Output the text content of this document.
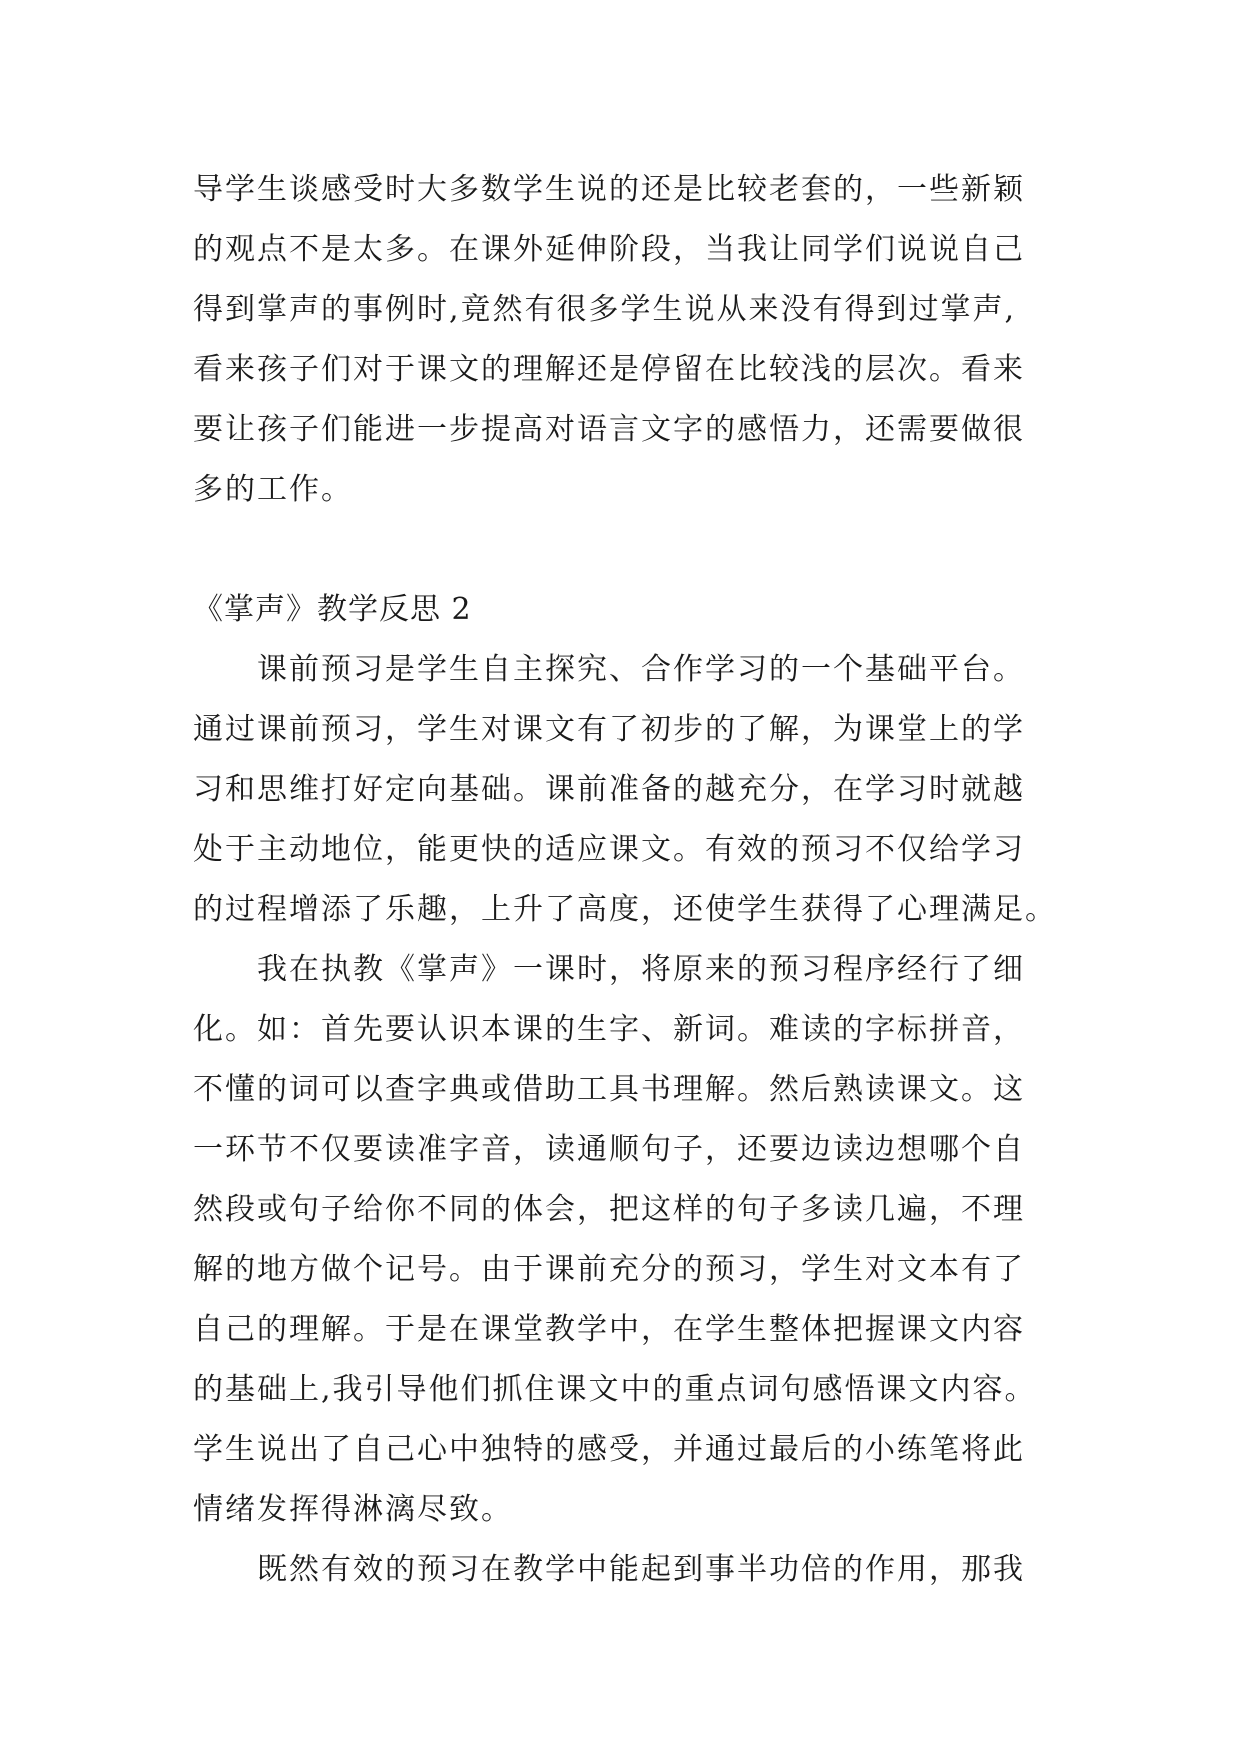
导学生谈感受时大多数学生说的还是比较老套的，一些新颖
的观点不是太多。在课外延伸阶段，当我让同学们说说自己
得到掌声的事例时,竟然有很多学生说从来没有得到过掌声,
看来孩子们对于课文的理解还是停留在比较浅的层次。看来
要让孩子们能进一步提高对语言文字的感悟力，还需要做很
多的工作。
《掌声》教学反思 2
课前预习是学生自主探究、合作学习的一个基础平台。
通过课前预习，学生对课文有了初步的了解，为课堂上的学
习和思维打好定向基础。课前准备的越充分，在学习时就越
处于主动地位，能更快的适应课文。有效的预习不仅给学习
的过程增添了乐趣，上升了高度，还使学生获得了心理满足。
我在执教《掌声》一课时，将原来的预习程序经行了细
化。如：首先要认识本课的生字、新词。难读的字标拼音，
不懂的词可以查字典或借助工具书理解。然后熟读课文。这
一环节不仅要读准字音，读通顺句子，还要边读边想哪个自
然段或句子给你不同的体会，把这样的句子多读几遍，不理
解的地方做个记号。由于课前充分的预习，学生对文本有了
自己的理解。于是在课堂教学中，在学生整体把握课文内容
的基础上,我引导他们抓住课文中的重点词句感悟课文内容。
学生说出了自己心中独特的感受，并通过最后的小练笔将此
情绪发挥得淋漓尽致。
既然有效的预习在教学中能起到事半功倍的作用，那我
